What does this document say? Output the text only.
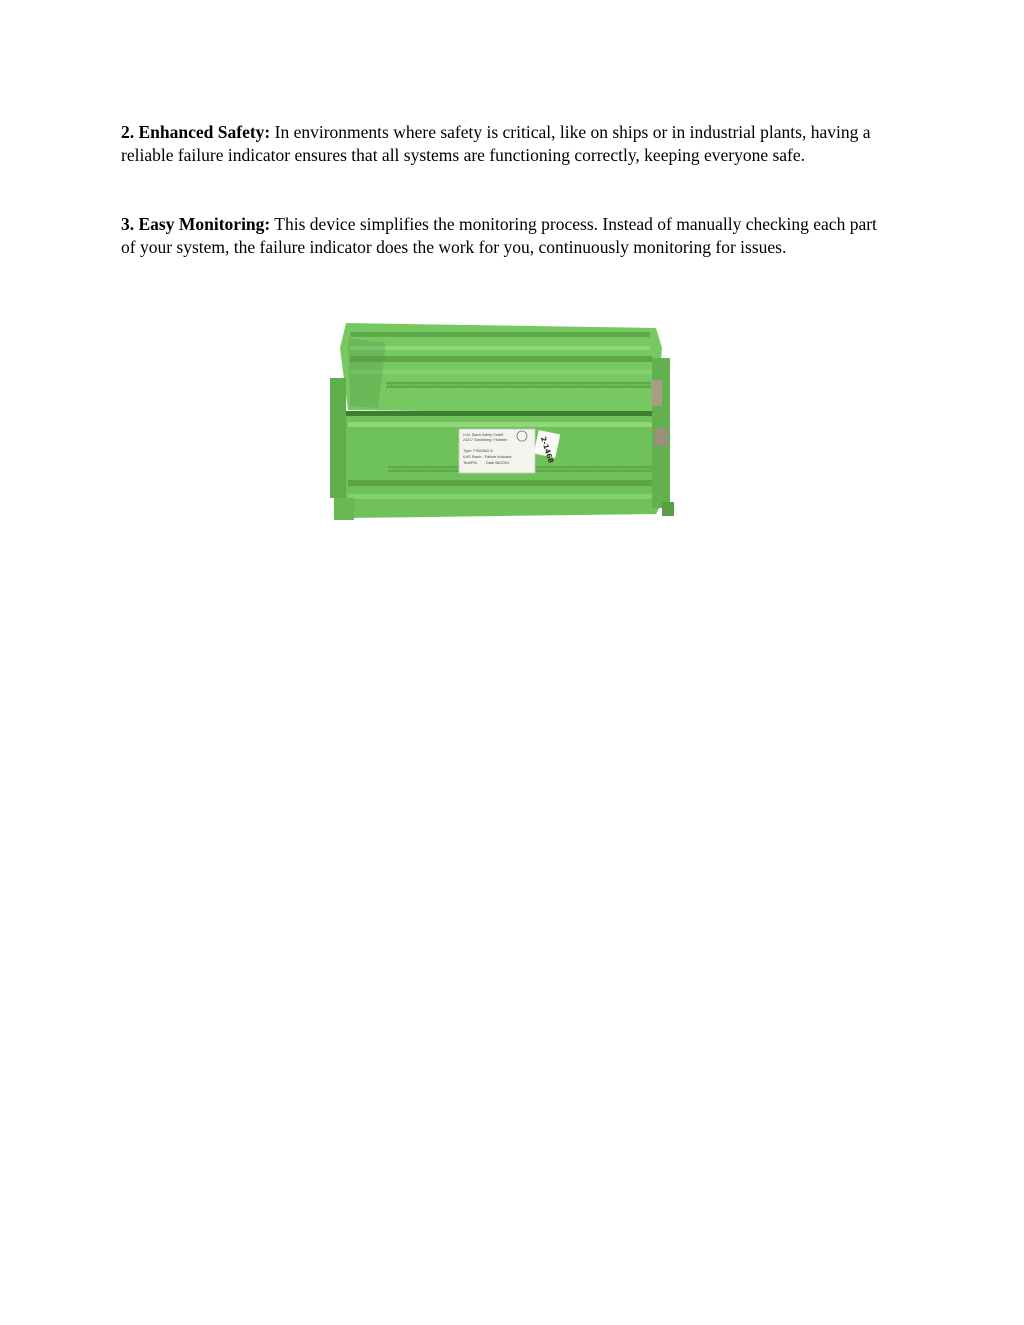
2. Enhanced Safety: In environments where safety is critical, like on ships or in industrial plants, having a reliable failure indicator ensures that all systems are functioning correctly, keeping everyone safe.

3. Easy Monitoring: This device simplifies the monitoring process. Instead of manually checking each part of your system, the failure indicator does the work for you, continuously monitoring for issues.

H.M. Stach Safety GmbH
24217 Schönberg / Holstein
Type: FI002842 A
KAS Stach - Failure indicator
Test/Pfü. Date 08/2004	2-1468
